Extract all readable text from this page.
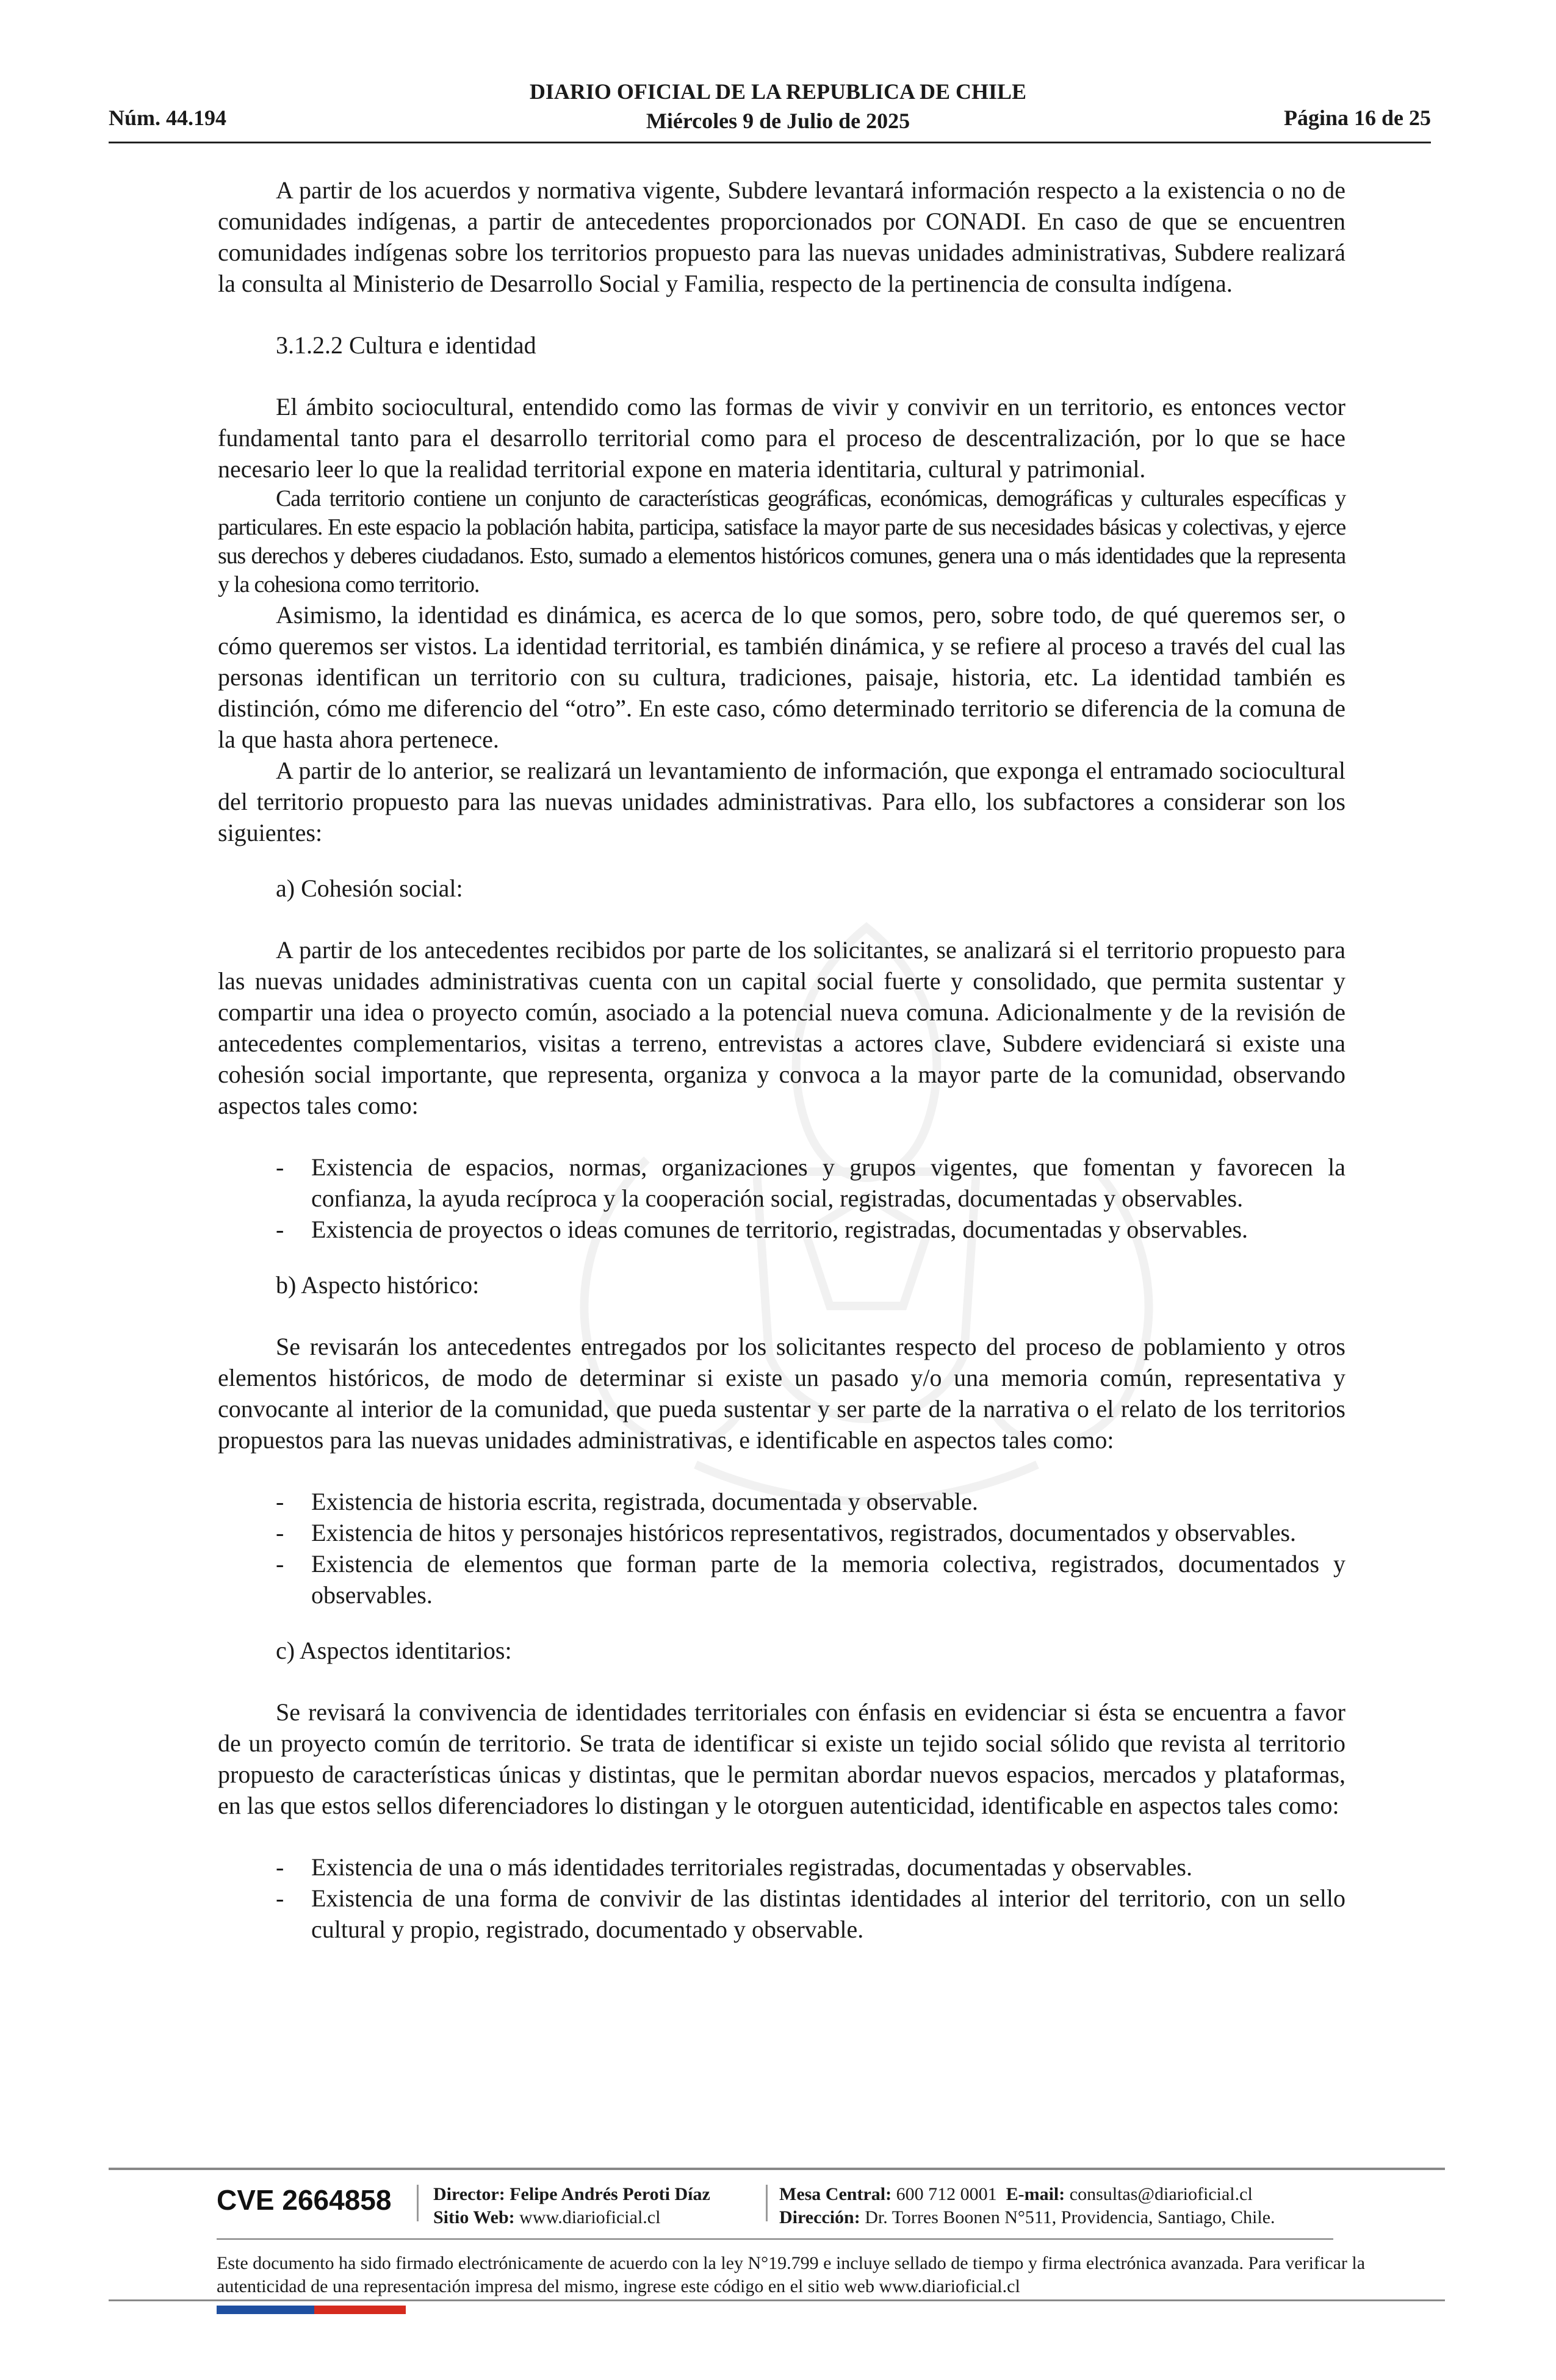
Núm. 44.194
DIARIO OFICIAL DE LA REPUBLICA DE CHILE
Miércoles 9 de Julio de 2025	Página 16 de 25

A partir de los acuerdos y normativa vigente, Subdere levantará información respecto a la existencia o no de comunidades indígenas, a partir de antecedentes proporcionados por CONADI. En caso de que se encuentren comunidades indígenas sobre los territorios propuesto para las nuevas unidades administrativas, Subdere realizará la consulta al Ministerio de Desarrollo Social y Familia, respecto de la pertinencia de consulta indígena.

3.1.2.2 Cultura e identidad

El ámbito sociocultural, entendido como las formas de vivir y convivir en un territorio, es entonces vector fundamental tanto para el desarrollo territorial como para el proceso de descentralización, por lo que se hace necesario leer lo que la realidad territorial expone en materia identitaria, cultural y patrimonial.

Cada territorio contiene un conjunto de características geográficas, económicas, demográficas y culturales específicas y particulares. En este espacio la población habita, participa, satisface la mayor parte de sus necesidades básicas y colectivas, y ejerce sus derechos y deberes ciudadanos. Esto, sumado a elementos históricos comunes, genera una o más identidades que la representa y la cohesiona como territorio.

Asimismo, la identidad es dinámica, es acerca de lo que somos, pero, sobre todo, de qué queremos ser, o cómo queremos ser vistos. La identidad territorial, es también dinámica, y se refiere al proceso a través del cual las personas identifican un territorio con su cultura, tradiciones, paisaje, historia, etc. La identidad también es distinción, cómo me diferencio del “otro”. En este caso, cómo determinado territorio se diferencia de la comuna de la que hasta ahora pertenece.

A partir de lo anterior, se realizará un levantamiento de información, que exponga el entramado sociocultural del territorio propuesto para las nuevas unidades administrativas. Para ello, los subfactores a considerar son los siguientes:

a) Cohesión social:

A partir de los antecedentes recibidos por parte de los solicitantes, se analizará si el territorio propuesto para las nuevas unidades administrativas cuenta con un capital social fuerte y consolidado, que permita sustentar y compartir una idea o proyecto común, asociado a la potencial nueva comuna. Adicionalmente y de la revisión de antecedentes complementarios, visitas a terreno, entrevistas a actores clave, Subdere evidenciará si existe una cohesión social importante, que representa, organiza y convoca a la mayor parte de la comunidad, observando aspectos tales como:

- Existencia de espacios, normas, organizaciones y grupos vigentes, que fomentan y favorecen la confianza, la ayuda recíproca y la cooperación social, registradas, documentadas y observables.
- Existencia de proyectos o ideas comunes de territorio, registradas, documentadas y observables.

b) Aspecto histórico:

Se revisarán los antecedentes entregados por los solicitantes respecto del proceso de poblamiento y otros elementos históricos, de modo de determinar si existe un pasado y/o una memoria común, representativa y convocante al interior de la comunidad, que pueda sustentar y ser parte de la narrativa o el relato de los territorios propuestos para las nuevas unidades administrativas, e identificable en aspectos tales como:

- Existencia de historia escrita, registrada, documentada y observable.
- Existencia de hitos y personajes históricos representativos, registrados, documentados y observables.
- Existencia de elementos que forman parte de la memoria colectiva, registrados, documentados y observables.

c) Aspectos identitarios:

Se revisará la convivencia de identidades territoriales con énfasis en evidenciar si ésta se encuentra a favor de un proyecto común de territorio. Se trata de identificar si existe un tejido social sólido que revista al territorio propuesto de características únicas y distintas, que le permitan abordar nuevos espacios, mercados y plataformas, en las que estos sellos diferenciadores lo distingan y le otorguen autenticidad, identificable en aspectos tales como:

- Existencia de una o más identidades territoriales registradas, documentadas y observables.
- Existencia de una forma de convivir de las distintas identidades al interior del territorio, con un sello cultural y propio, registrado, documentado y observable.
CVE 2664858 Director: Felipe Andrés Peroti Díaz
Sitio Web: www.diarioficial.cl
Mesa Central: 600 712 0001 E-mail: consultas@diarioficial.cl
Dirección: Dr. Torres Boonen N°511, Providencia, Santiago, Chile.
Este documento ha sido firmado electrónicamente de acuerdo con la ley N°19.799 e incluye sellado de tiempo y firma electrónica avanzada. Para verificar la autenticidad de una representación impresa del mismo, ingrese este código en el sitio web www.diarioficial.cl
